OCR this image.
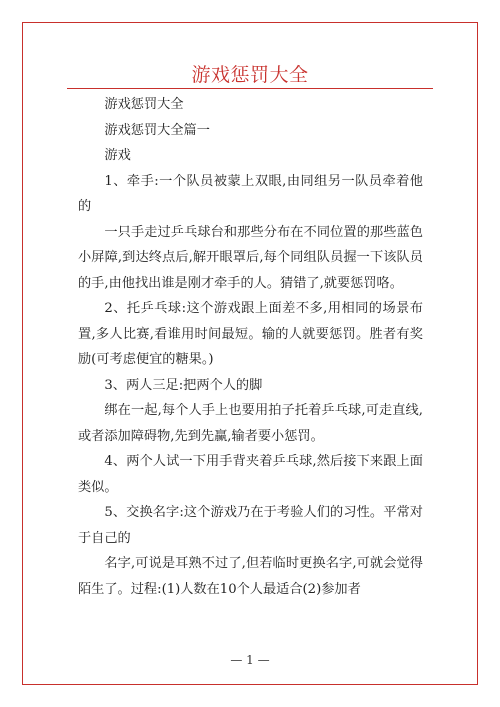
游戏惩罚大全

游戏惩罚大全

游戏惩罚大全篇一

游戏

1、牵手:一个队员被蒙上双眼,由同组另一队员牵着他的

一只手走过乒乓球台和那些分布在不同位置的那些蓝色小屏障,到达终点后,解开眼罩后,每个同组队员握一下该队员的手,由他找出谁是刚才牵手的人。猜错了,就要惩罚咯。

2、托乒乓球:这个游戏跟上面差不多,用相同的场景布置,多人比赛,看谁用时间最短。输的人就要惩罚。胜者有奖励(可考虑便宜的糖果。)

3、两人三足:把两个人的脚

绑在一起,每个人手上也要用拍子托着乒乓球,可走直线,或者添加障碍物,先到先赢,输者要小惩罚。

4、两个人试一下用手背夹着乒乓球,然后接下来跟上面类似。

5、交换名字:这个游戏乃在于考验人们的习性。平常对于自己的

名字,可说是耳熟不过了,但若临时更换名字,可就会觉得陌生了。过程:(1)人数在10个人最适合(2)参加者

— 1 —
